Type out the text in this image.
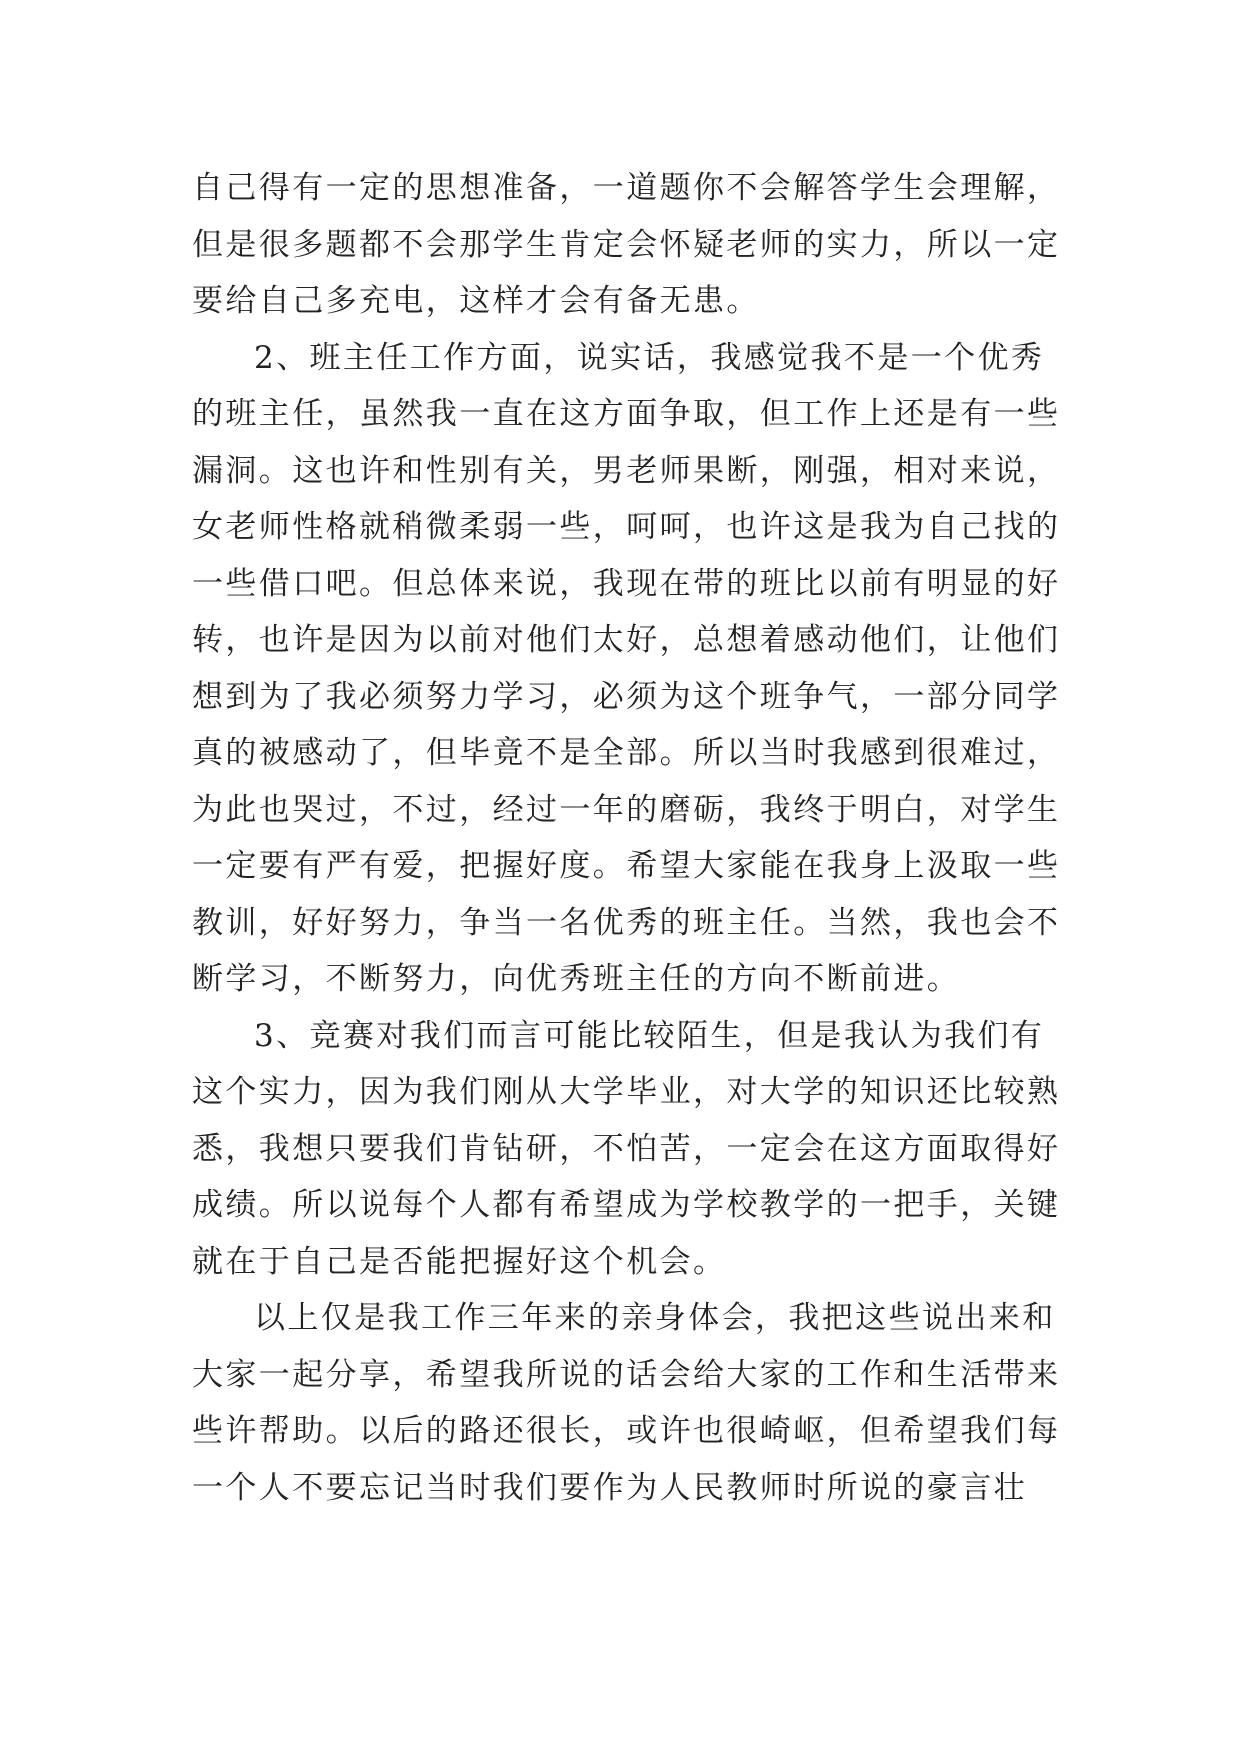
自己得有一定的思想准备，一道题你不会解答学生会理解，
但是很多题都不会那学生肯定会怀疑老师的实力，所以一定
要给自己多充电，这样才会有备无患。
2、班主任工作方面，说实话，我感觉我不是一个优秀
的班主任，虽然我一直在这方面争取，但工作上还是有一些
漏洞。这也许和性别有关，男老师果断，刚强，相对来说，
女老师性格就稍微柔弱一些，呵呵，也许这是我为自己找的
一些借口吧。但总体来说，我现在带的班比以前有明显的好
转，也许是因为以前对他们太好，总想着感动他们，让他们
想到为了我必须努力学习，必须为这个班争气，一部分同学
真的被感动了，但毕竟不是全部。所以当时我感到很难过，
为此也哭过，不过，经过一年的磨砺，我终于明白，对学生
一定要有严有爱，把握好度。希望大家能在我身上汲取一些
教训，好好努力，争当一名优秀的班主任。当然，我也会不
断学习，不断努力，向优秀班主任的方向不断前进。
3、竞赛对我们而言可能比较陌生，但是我认为我们有
这个实力，因为我们刚从大学毕业，对大学的知识还比较熟
悉，我想只要我们肯钻研，不怕苦，一定会在这方面取得好
成绩。所以说每个人都有希望成为学校教学的一把手，关键
就在于自己是否能把握好这个机会。
以上仅是我工作三年来的亲身体会，我把这些说出来和
大家一起分享，希望我所说的话会给大家的工作和生活带来
些许帮助。以后的路还很长，或许也很崎岖，但希望我们每
一个人不要忘记当时我们要作为人民教师时所说的豪言壮
